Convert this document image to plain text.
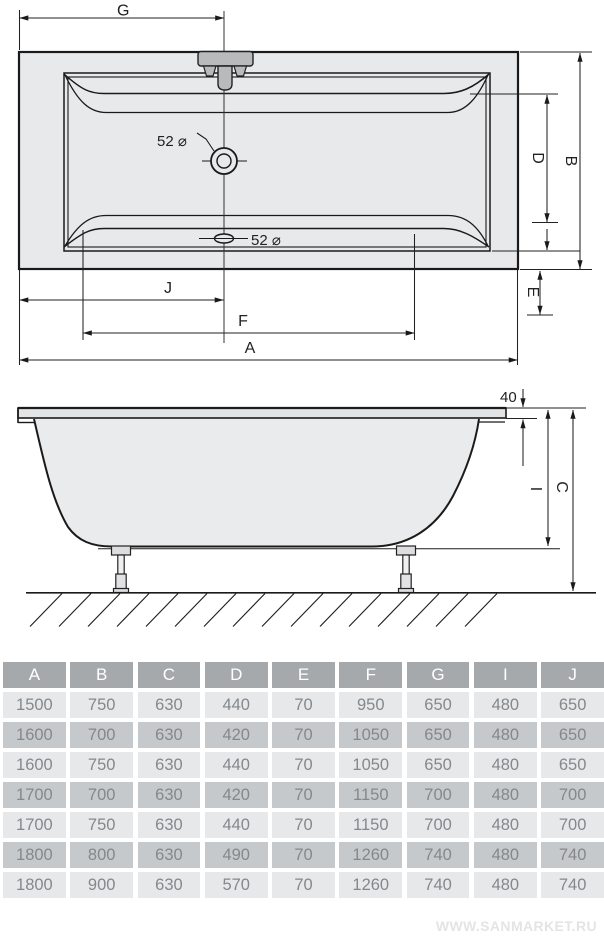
52 ⌀
52 ⌀
G
B
D
E
J
F
A
40
I C
A	B	C	D	E	F	G	I	J
1500	750	630	440	70	950	650	480	650
1600	700	630	420	70	1050	650	480	650
1600	750	630	440	70	1050	650	480	650
1700	700	630	420	70	1150	700	480	700
1700	750	630	440	70	1150	700	480	700
1800	800	630	490	70	1260	740	480	740
1800	900	630	570	70	1260	740	480	740
WWW.SANMARKET.RU
